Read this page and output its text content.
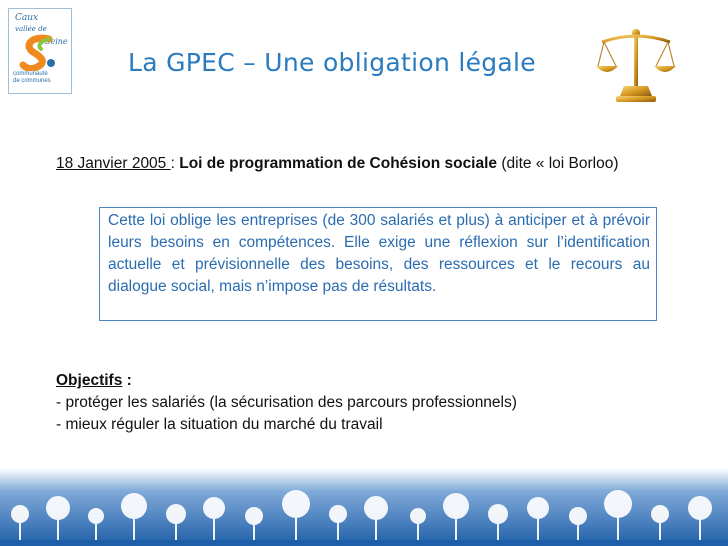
Caux
vallée de
Seine
communauté
de communes
La GPEC – Une obligation légale
18 Janvier 2005 : Loi de programmation de Cohésion sociale (dite « loi Borloo)
Cette loi oblige les entreprises (de 300 salariés et plus) à anticiper et à prévoir leurs besoins en compétences. Elle exige une réflexion sur l’identification actuelle et prévisionnelle des besoins, des ressources et le recours au dialogue social, mais n’impose pas de résultats.
Objectifs :
- protéger les salariés (la sécurisation des parcours professionnels)
- mieux réguler la situation du marché du travail
